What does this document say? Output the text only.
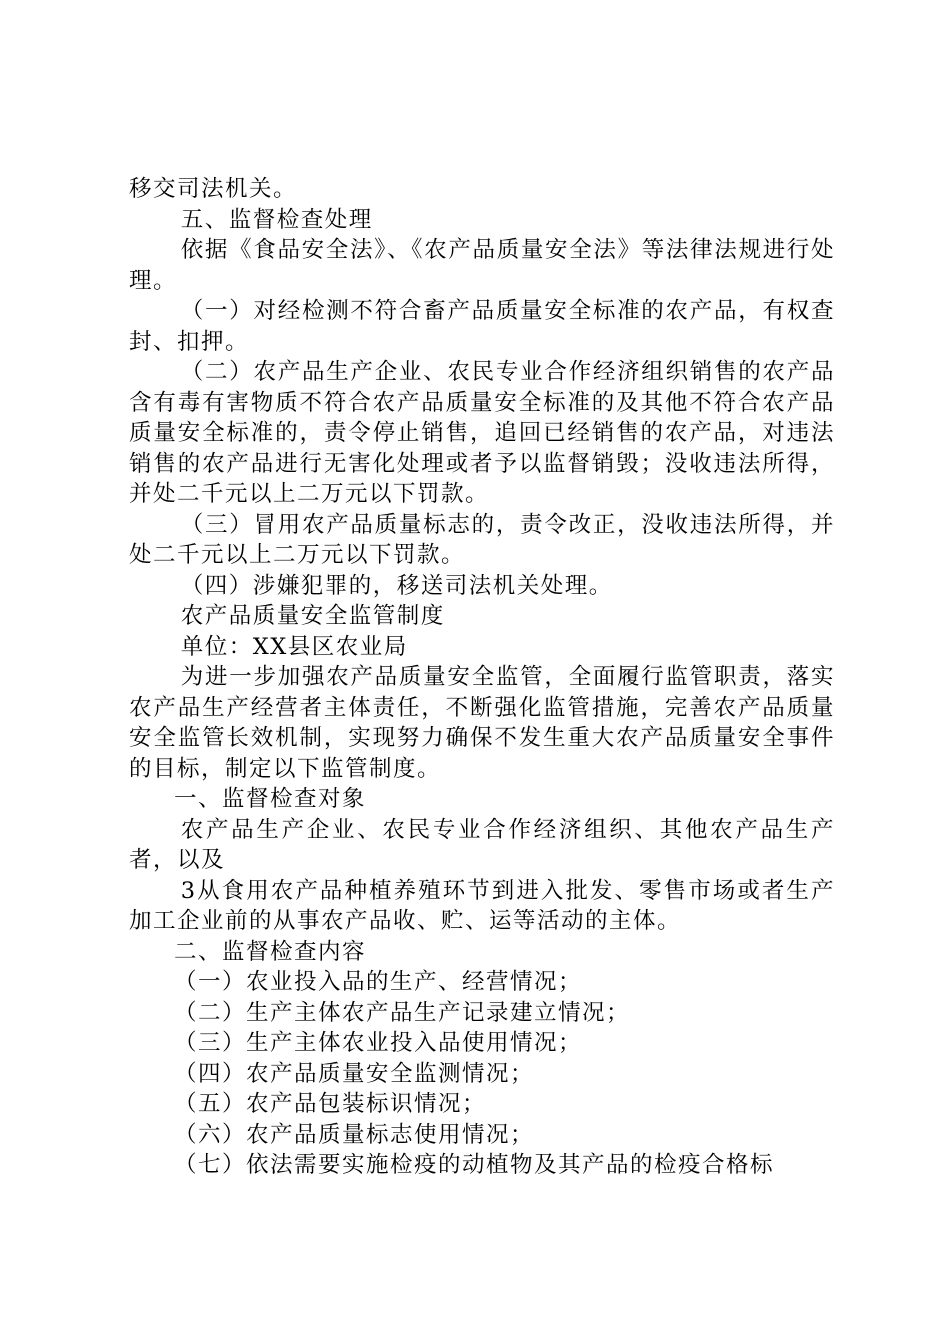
移交司法机关。

五、监督检查处理

依据《食品安全法》、《农产品质量安全法》等法律法规进行处理。

（一）对经检测不符合畜产品质量安全标准的农产品，有权查封、扣押。

（二）农产品生产企业、农民专业合作经济组织销售的农产品含有毒有害物质不符合农产品质量安全标准的及其他不符合农产品质量安全标准的，责令停止销售，追回已经销售的农产品，对违法销售的农产品进行无害化处理或者予以监督销毁；没收违法所得，并处二千元以上二万元以下罚款。

（三）冒用农产品质量标志的，责令改正，没收违法所得，并处二千元以上二万元以下罚款。

（四）涉嫌犯罪的，移送司法机关处理。

农产品质量安全监管制度

单位：XX县区农业局

为进一步加强农产品质量安全监管，全面履行监管职责，落实农产品生产经营者主体责任，不断强化监管措施，完善农产品质量安全监管长效机制，实现努力确保不发生重大农产品质量安全事件的目标，制定以下监管制度。

一、监督检查对象

农产品生产企业、农民专业合作经济组织、其他农产品生产者，以及

3从食用农产品种植养殖环节到进入批发、零售市场或者生产加工企业前的从事农产品收、贮、运等活动的主体。

二、监督检查内容

（一）农业投入品的生产、经营情况；

（二）生产主体农产品生产记录建立情况；

（三）生产主体农业投入品使用情况；

（四）农产品质量安全监测情况；

（五）农产品包装标识情况；

（六）农产品质量标志使用情况；

（七）依法需要实施检疫的动植物及其产品的检疫合格标
